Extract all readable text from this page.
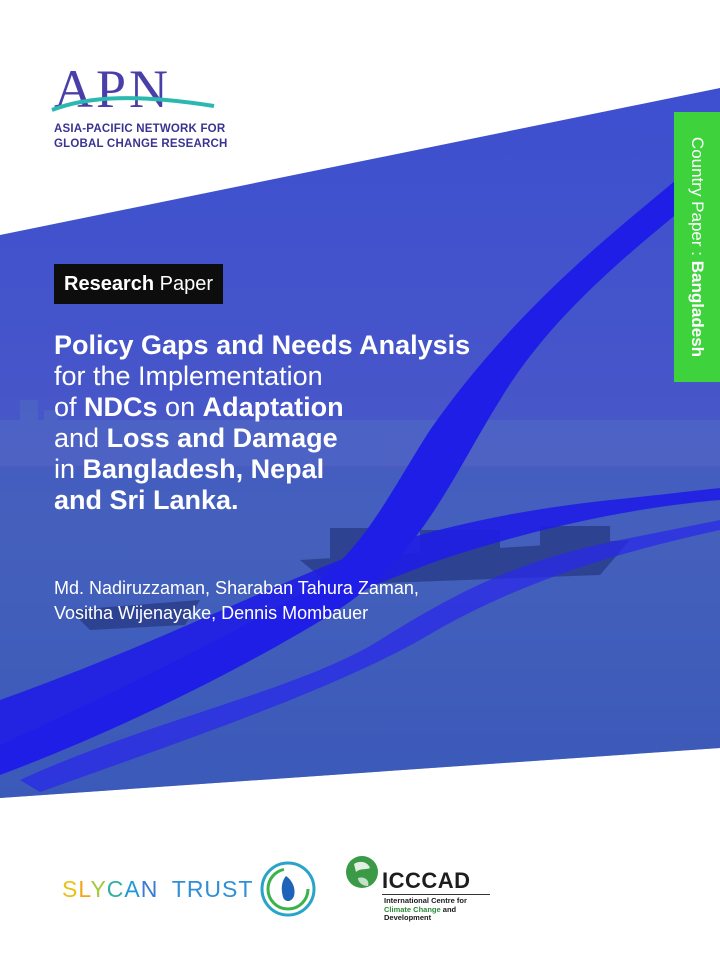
APN
ASIA-PACIFIC NETWORK FOR
GLOBAL CHANGE RESEARCH	Country Paper : Bangladesh
Research Paper
Policy Gaps and Needs Analysis
for the Implementation
of NDCs on Adaptation
and Loss and Damage
in Bangladesh, Nepal
and Sri Lanka.
Md. Nadiruzzaman, Sharaban Tahura Zaman,
Vositha Wijenayake, Dennis Mombauer
SLYCAN TRUST	ICCCAD
International Centre for
Climate Change and
Development
